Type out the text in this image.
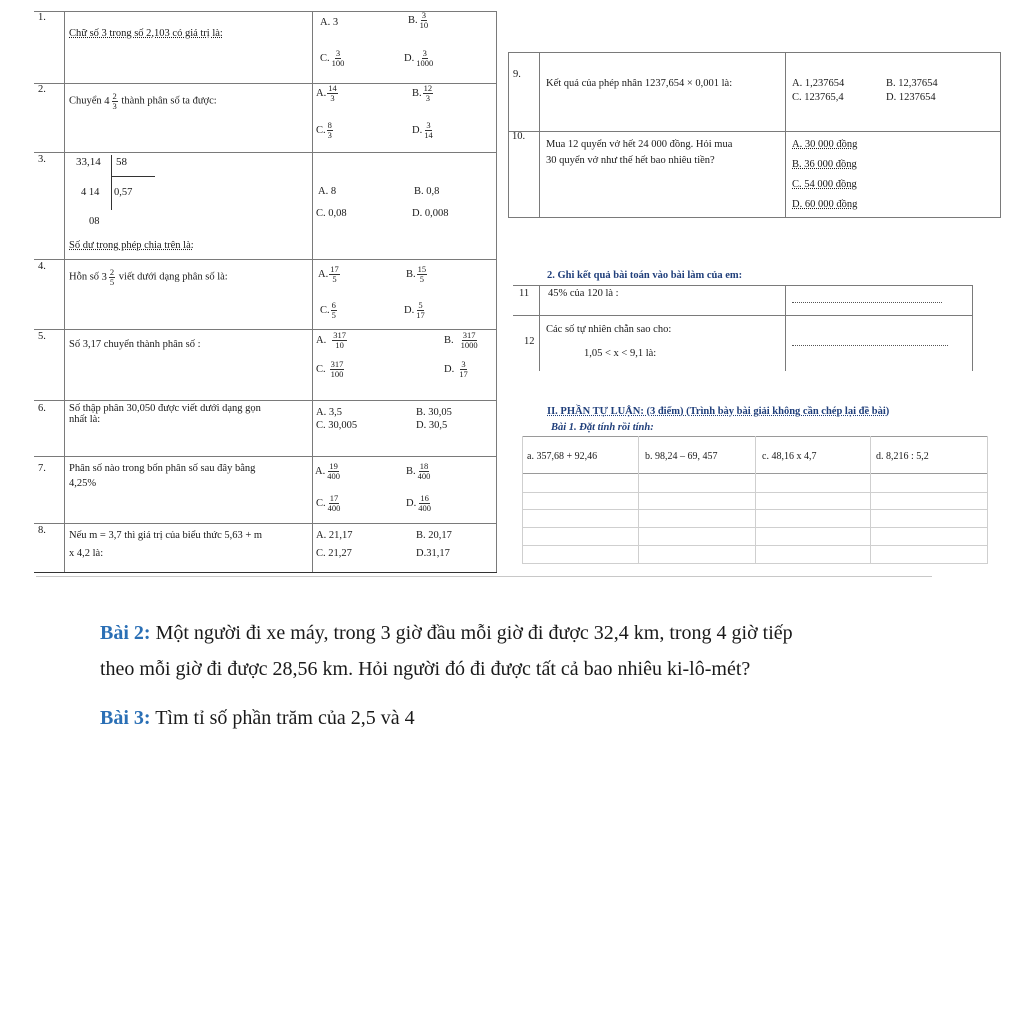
1.
Chữ số 3 trong số 2,103 có giá trị là:
A. 3	B. $\frac{3}{10}$
C. $\frac{3}{100}$	D. $\frac{3}{1000}$
2.
Chuyển $4 \frac{2}{3}$ thành phân số ta được:
A. $\frac{14}{3}$	B. $\frac{12}{3}$
C. $\frac{8}{3}$	D. $\frac{3}{14}$
3.	33,14 58
4 14 0,57
08
Số dư trong phép chia trên là:
A. 8	B. 0,8
C. 0,08	D. 0,008
4.
Hỗn số $3 \frac{2}{5}$ viết dưới dạng phân số là:	A. $\frac{17}{5}$	B. $\frac{15}{5}$
C. $\frac{6}{5}$	D. $\frac{5}{17}$
5.
Số 3,17 chuyển thành phân số :	A. $\frac{317}{10}$	B. $\frac{317}{1000}$
C. $\frac{317}{100}$	D. $\frac{3}{17}$
6. Số thập phân 30,050 được viết dưới dạng gọn
nhất là:
A. 3,5	B. 30,05
C. 30,005	D. 30,5
7. Phân số nào trong bốn phân số sau đây bằng
4,25%
A. $\frac{19}{400}$	B. $\frac{18}{400}$
C. $\frac{17}{400}$	D. $\frac{16}{400}$
8. Nếu m = 3,7 thì giá trị của biểu thức 5,63 + m
x 4,2 là:
A. 21,17	B. 20,17
C. 21,27	D.31,17
9.
Kết quả của phép nhân 1237,654 × 0,001 là:	A. 1,237654	B. 12,37654
C. 123765,4	D. 1237654
10.
Mua 12 quyển vở hết 24 000 đồng. Hỏi mua
30 quyển vở như thế hết bao nhiêu tiền?
A. 30 000 đồng
B. 36 000 đồng
C. 54 000 đồng
D. 60 000 đồng
2. Ghi kết quả bài toán vào bài làm của em:
11 45% của 120 là :
12
Các số tự nhiên chẵn sao cho:
1,05 < x < 9,1 là:
II. PHẦN TỰ LUẬN: (3 điểm) (Trình bày bài giải không cần chép lại đề bài)
Bài 1. Đặt tính rồi tính:
a. 357,68 + 92,46	b. 98,24 – 69, 457	c. 48,16 x 4,7	d. 8,216 : 5,2
Bài 2: Một người đi xe máy, trong 3 giờ đầu mỗi giờ đi được 32,4 km, trong 4 giờ tiếp
theo mỗi giờ đi được 28,56 km. Hỏi người đó đi được tất cả bao nhiêu ki-lô-mét?
Bài 3: Tìm tỉ số phần trăm của 2,5 và 4
